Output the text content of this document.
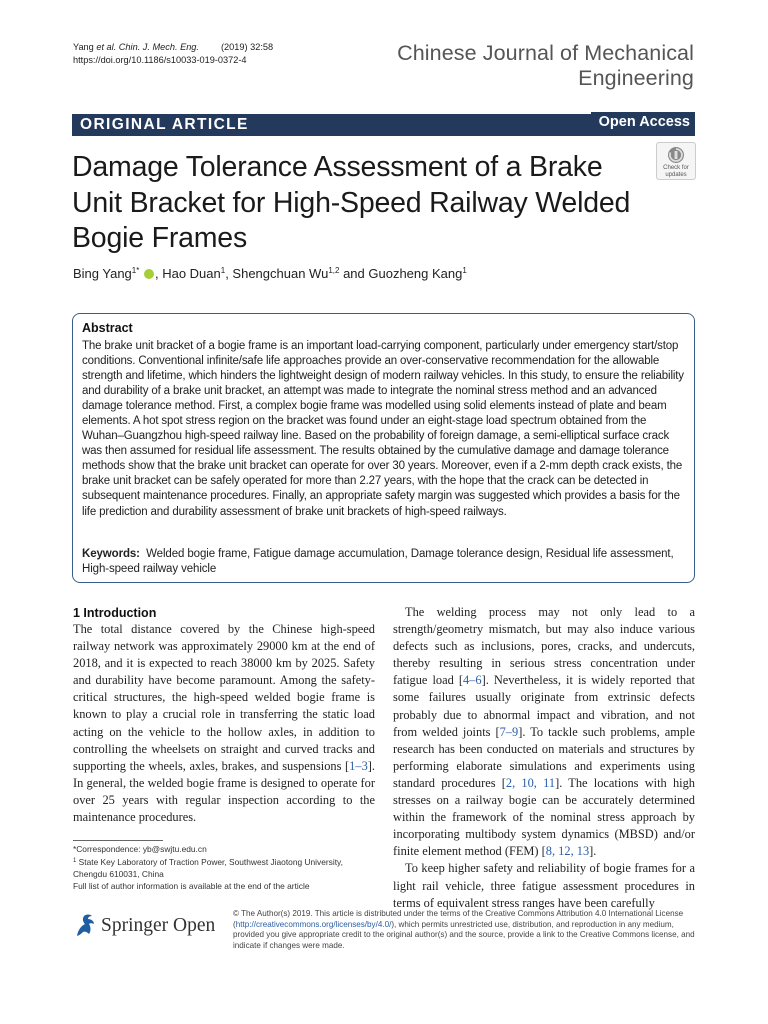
Yang et al. Chin. J. Mech. Eng. (2019) 32:58
https://doi.org/10.1186/s10033-019-0372-4	Chinese Journal of Mechanical
Engineering
ORIGINAL ARTICLE	Open Access
Check for
updates
Damage Tolerance Assessment of a Brake Unit Bracket for High-Speed Railway Welded Bogie Frames
Bing Yang$^{1*}$ , Hao Duan$^1$, Shengchuan Wu$^{1,2}$ and Guozheng Kang$^1$
Abstract
The brake unit bracket of a bogie frame is an important load-carrying component, particularly under emergency start/stop conditions. Conventional infinite/safe life approaches provide an over-conservative recommendation for the allowable strength and lifetime, which hinders the lightweight design of modern railway vehicles. In this study, to ensure the reliability and durability of a brake unit bracket, an attempt was made to integrate the nominal stress method and an advanced damage tolerance method. First, a complex bogie frame was modelled using solid elements instead of plate and beam elements. A hot spot stress region on the bracket was found under an eight-stage load spectrum obtained from the Wuhan–Guangzhou high-speed railway line. Based on the probability of foreign damage, a semi-elliptical surface crack was then assumed for residual life assessment. The results obtained by the cumulative damage and damage tolerance methods show that the brake unit bracket can operate for over 30 years. Moreover, even if a 2-mm depth crack exists, the brake unit bracket can be safely operated for more than 2.27 years, with the hope that the crack can be detected in subsequent maintenance procedures. Finally, an appropriate safety margin was suggested which provides a basis for the life prediction and durability assessment of brake unit brackets of high-speed railways.
Keywords: Welded bogie frame, Fatigue damage accumulation, Damage tolerance design, Residual life assessment, High-speed railway vehicle
1 Introduction

The total distance covered by the Chinese high-speed railway network was approximately 29000 km at the end of 2018, and it is expected to reach 38000 km by 2025. Safety and durability have become paramount. Among the safety-critical structures, the high-speed welded bogie frame is known to play a crucial role in transferring the static load acting on the vehicle to the hollow axles, in addition to controlling the wheelsets on straight and curved tracks and supporting the wheels, axles, brakes, and suspensions [1–3]. In general, the welded bogie frame is designed to operate for over 25 years with regular inspection according to the maintenance procedures.

The welding process may not only lead to a strength/geometry mismatch, but may also induce various defects such as inclusions, pores, cracks, and undercuts, thereby resulting in serious stress concentration under fatigue load [4–6]. Nevertheless, it is widely reported that some failures usually originate from extrinsic defects probably due to abnormal impact and vibration, and not from welded joints [7–9]. To tackle such problems, ample research has been conducted on materials and structures by performing elaborate simulations and experiments using standard procedures [2, 10, 11]. The locations with high stresses on a railway bogie can be accurately determined within the framework of the nominal stress approach by incorporating multibody system dynamics (MBSD) and/or finite element method (FEM) [8, 12, 13].

To keep higher safety and reliability of bogie frames for a light rail vehicle, three fatigue assessment procedures in terms of equivalent stress ranges have been carefully

*Correspondence: yb@swjtu.edu.cn
$^1$ State Key Laboratory of Traction Power, Southwest Jiaotong University, Chengdu 610031, China
Full list of author information is available at the end of the article
Springer Open
© The Author(s) 2019. This article is distributed under the terms of the Creative Commons Attribution 4.0 International License (http://creativecommons.org/licenses/by/4.0/), which permits unrestricted use, distribution, and reproduction in any medium, provided you give appropriate credit to the original author(s) and the source, provide a link to the Creative Commons license, and indicate if changes were made.
